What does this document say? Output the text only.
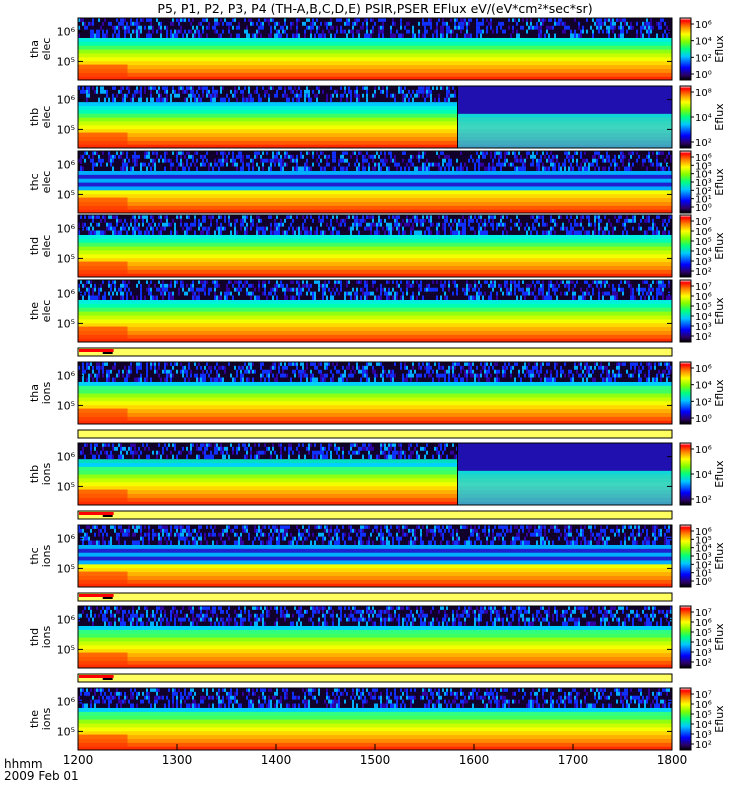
P5, P1, P2, P3, P4 (TH-A,B,C,D,E) PSIR,PSER EFlux eV/(eV*cm²*sec*sr)
10⁶
10⁵
tha elec
10⁶
10⁴
10²
10⁰
Eflux
10⁶
10⁵
thb elec
10⁸
10⁴
10²
Eflux
10⁶
10⁵
thc elec
10⁶
10⁵
10⁴
10³
10²
10¹
10⁰
Eflux
10⁶
10⁵
thd elec
10⁷
10⁶
10⁵
10⁴
10³
10²
Eflux
10⁶
10⁵
the elec
10⁷
10⁶
10⁵
10⁴
10³
10²
Eflux
10⁶
10⁵
tha ions
10⁶
10⁴
10²
10⁰
Eflux
10⁶
10⁵
thb ions
10⁶
10⁴
10²
Eflux
10⁶
10⁵
thc ions
10⁶
10⁵
10⁴
10³
10²
10¹
10⁰
Eflux
10⁶
10⁵
thd ions
10⁷
10⁶
10⁵
10⁴
10³
10²
Eflux
10⁶
10⁵
the ions
10⁷
10⁶
10⁵
10⁴
10³
10²
Eflux
hhmm
2009 Feb 01
1200	1300	1400	1500	1600	1700	1800
